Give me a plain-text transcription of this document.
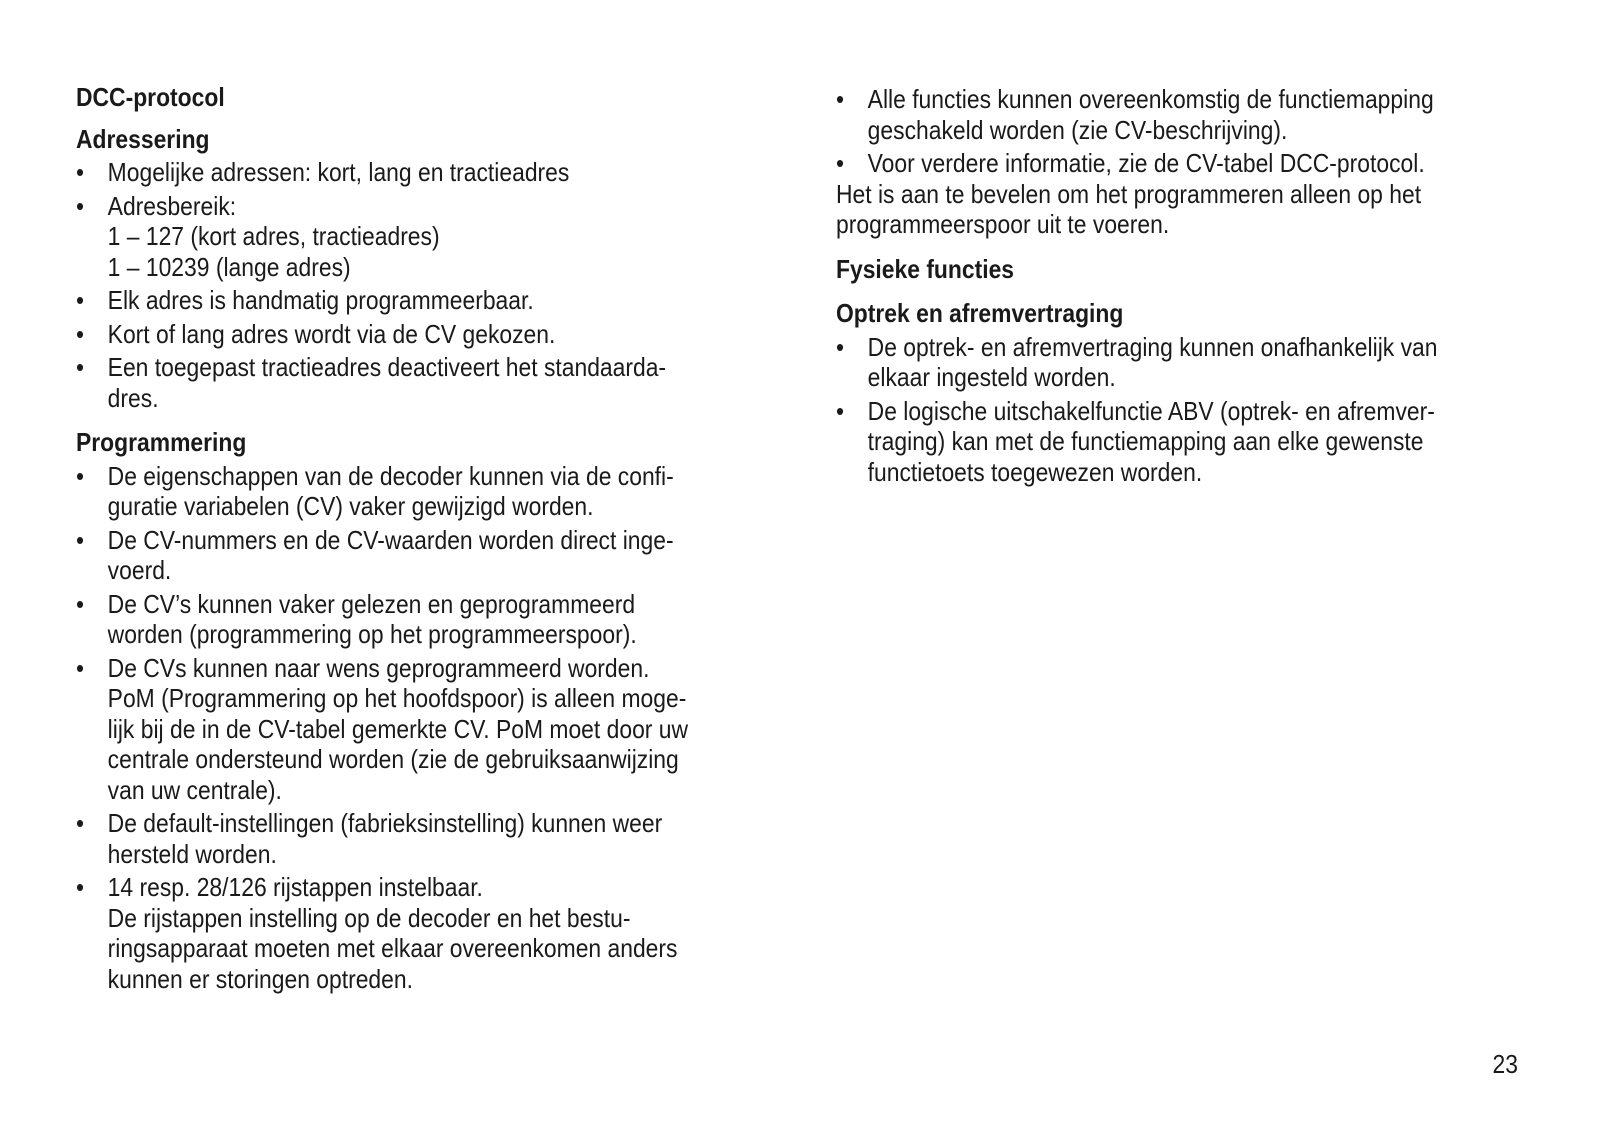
DCC-protocol
Adressering
• Mogelijke adressen: kort, lang en tractieadres
• Adresbereik:
1 – 127 (kort adres, tractieadres)
1 – 10239 (lange adres)
• Elk adres is handmatig programmeerbaar.
• Kort of lang adres wordt via de CV gekozen.
• Een toegepast tractieadres deactiveert het standaarda-
dres.
Programmering
• De eigenschappen van de decoder kunnen via de confi-
guratie variabelen (CV) vaker gewijzigd worden.
• De CV-nummers en de CV-waarden worden direct inge-
voerd.
• De CV’s kunnen vaker gelezen en geprogrammeerd
worden (programmering op het programmeerspoor).
• De CVs kunnen naar wens geprogrammeerd worden.
PoM (Programmering op het hoofdspoor) is alleen moge-
lijk bij de in de CV-tabel gemerkte CV. PoM moet door uw
centrale ondersteund worden (zie de gebruiksaanwijzing
van uw centrale).
• De default-instellingen (fabrieksinstelling) kunnen weer
hersteld worden.
• 14 resp. 28/126 rijstappen instelbaar.
De rijstappen instelling op de decoder en het bestu-
ringsapparaat moeten met elkaar overeenkomen anders
kunnen er storingen optreden.
• Alle functies kunnen overeenkomstig de functiemapping
geschakeld worden (zie CV-beschrijving).
• Voor verdere informatie, zie de CV-tabel DCC-protocol.

Het is aan te bevelen om het programmeren alleen op het
programmeerspoor uit te voeren.

Fysieke functies
Optrek en afremvertraging
• De optrek- en afremvertraging kunnen onafhankelijk van
elkaar ingesteld worden.
• De logische uitschakelfunctie ABV (optrek- en afremver-
traging) kan met de functiemapping aan elke gewenste
functietoets toegewezen worden.
23
